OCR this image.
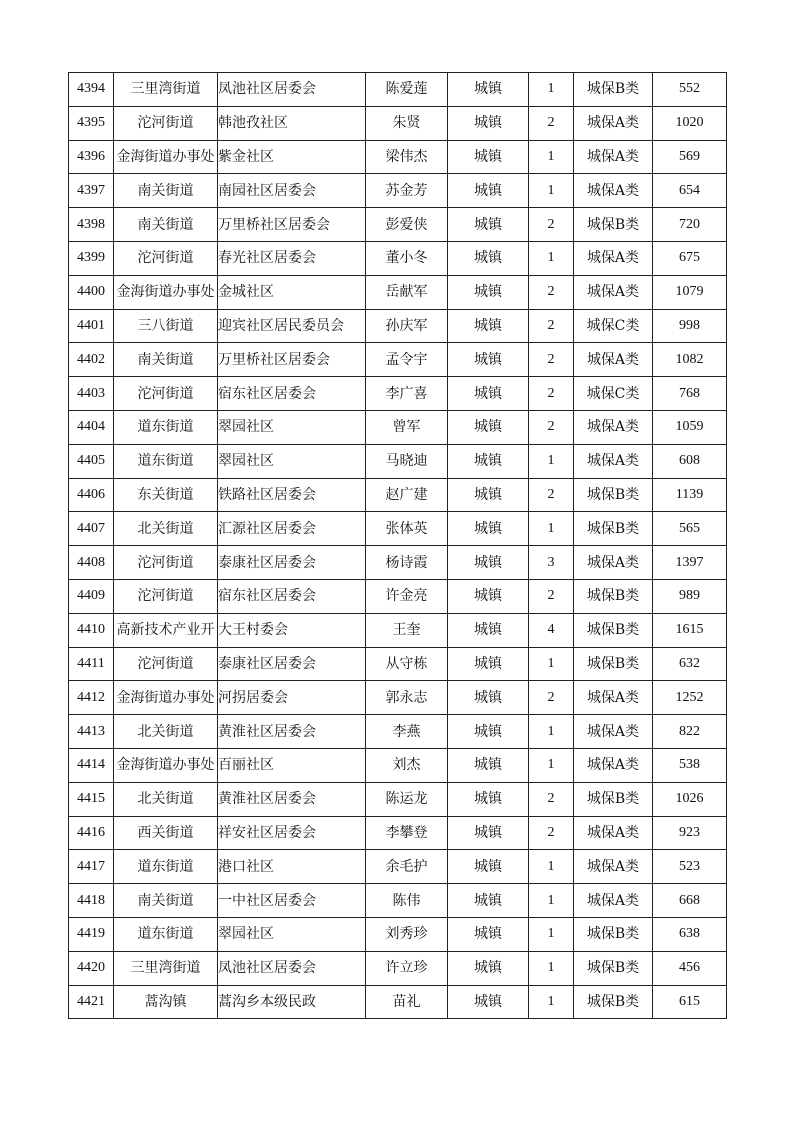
4394	三里湾街道	凤池社区居委会	陈爱莲	城镇	1	城保B类	552
4395	沱河街道	韩池孜社区	朱贤	城镇	2	城保A类	1020
4396	金海街道办事处	紫金社区	梁伟杰	城镇	1	城保A类	569
4397	南关街道	南园社区居委会	苏金芳	城镇	1	城保A类	654
4398	南关街道	万里桥社区居委会	彭爱侠	城镇	2	城保B类	720
4399	沱河街道	春光社区居委会	董小冬	城镇	1	城保A类	675
4400	金海街道办事处	金城社区	岳献军	城镇	2	城保A类	1079
4401	三八街道	迎宾社区居民委员会	孙庆军	城镇	2	城保C类	998
4402	南关街道	万里桥社区居委会	孟令宇	城镇	2	城保A类	1082
4403	沱河街道	宿东社区居委会	李广喜	城镇	2	城保C类	768
4404	道东街道	翠园社区	曾军	城镇	2	城保A类	1059
4405	道东街道	翠园社区	马晓迪	城镇	1	城保A类	608
4406	东关街道	铁路社区居委会	赵广建	城镇	2	城保B类	1139
4407	北关街道	汇源社区居委会	张体英	城镇	1	城保B类	565
4408	沱河街道	泰康社区居委会	杨诗霞	城镇	3	城保A类	1397
4409	沱河街道	宿东社区居委会	许金亮	城镇	2	城保B类	989
4410	高新技术产业开	大王村委会	王奎	城镇	4	城保B类	1615
4411	沱河街道	泰康社区居委会	从守栋	城镇	1	城保B类	632
4412	金海街道办事处	河拐居委会	郭永志	城镇	2	城保A类	1252
4413	北关街道	黄淮社区居委会	李燕	城镇	1	城保A类	822
4414	金海街道办事处	百丽社区	刘杰	城镇	1	城保A类	538
4415	北关街道	黄淮社区居委会	陈运龙	城镇	2	城保B类	1026
4416	西关街道	祥安社区居委会	李攀登	城镇	2	城保A类	923
4417	道东街道	港口社区	余毛护	城镇	1	城保A类	523
4418	南关街道	一中社区居委会	陈伟	城镇	1	城保A类	668
4419	道东街道	翠园社区	刘秀珍	城镇	1	城保B类	638
4420	三里湾街道	凤池社区居委会	许立珍	城镇	1	城保B类	456
4421	蒿沟镇	蒿沟乡本级民政	苗礼	城镇	1	城保B类	615
